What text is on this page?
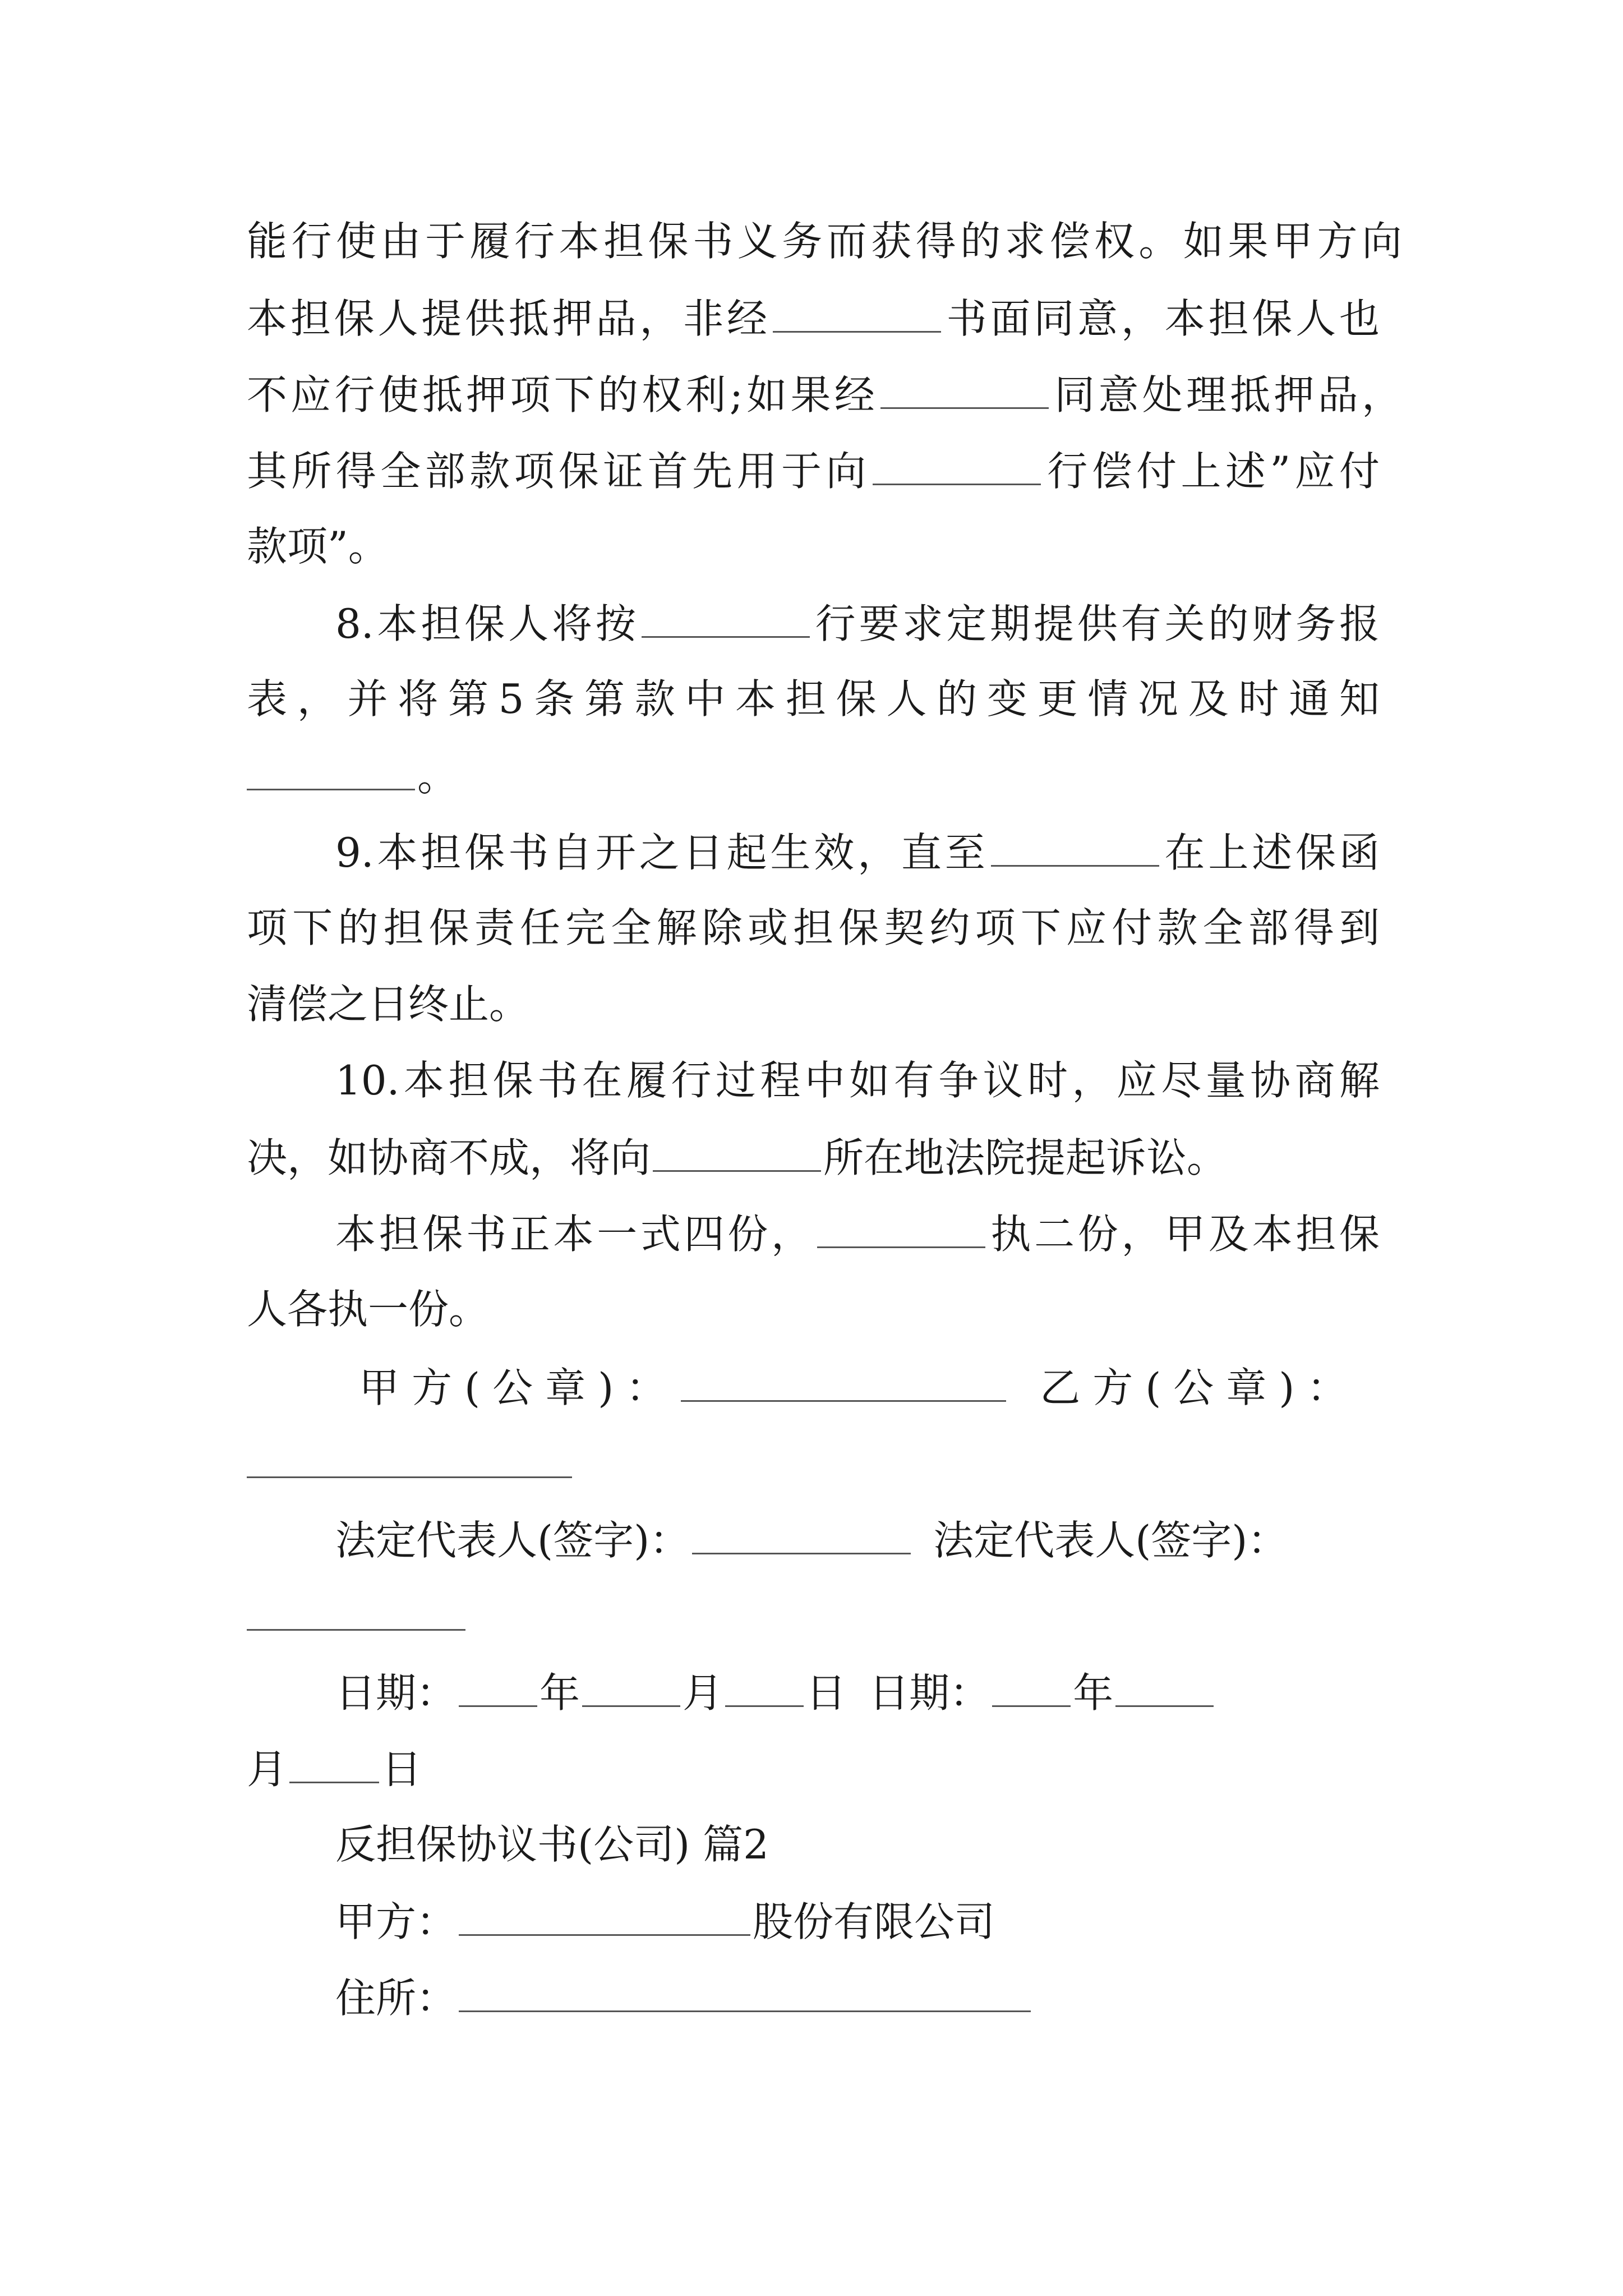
能行使由于履行本担保书义务而获得的求偿权。如果甲方向
本担保人提供抵押品，非经	书面同意，本担保人也
不应行使抵押项下的权利;如果经	同意处理抵押品，
其所得全部款项保证首先用于向	行偿付上述”应付
款项”。
8.本担保人将按	行要求定期提供有关的财务报
表，并将第5条第款中本担保人的变更情况及时通知
。
9.本担保书自开之日起生效，直至	在上述保函
项下的担保责任完全解除或担保契约项下应付款全部得到
清偿之日终止。
10.本担保书在履行过程中如有争议时，应尽量协商解
决，如协商不成，将向	所在地法院提起诉讼。
本担保书正本一式四份，	执二份，甲及本担保
人各执一份。
甲方(公章)：	乙方(公章)：
法定代表人(签字)：	法定代表人(签字)：
日期： 年	月 日 日期： 年
月 日
反担保协议书(公司) 篇2
甲方：	股份有限公司
住所：
